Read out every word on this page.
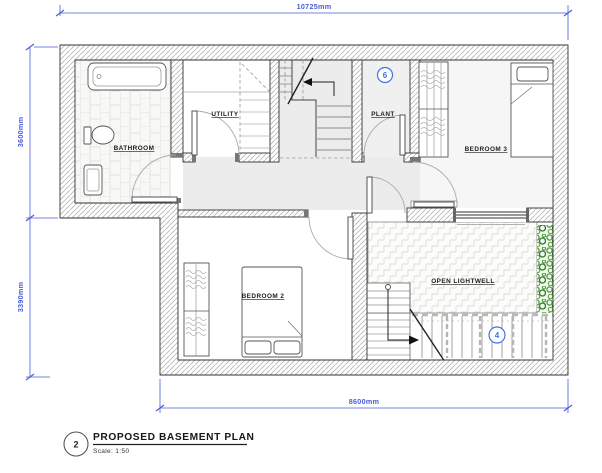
BATHROOM
UTILITY	PLANT
BEDROOM 3
BEDROOM 2
OPEN LIGHTWELL
6
4
10725mm
3600mm
3390mm
8600mm
2
PROPOSED BASEMENT PLAN
Scale: 1:50
